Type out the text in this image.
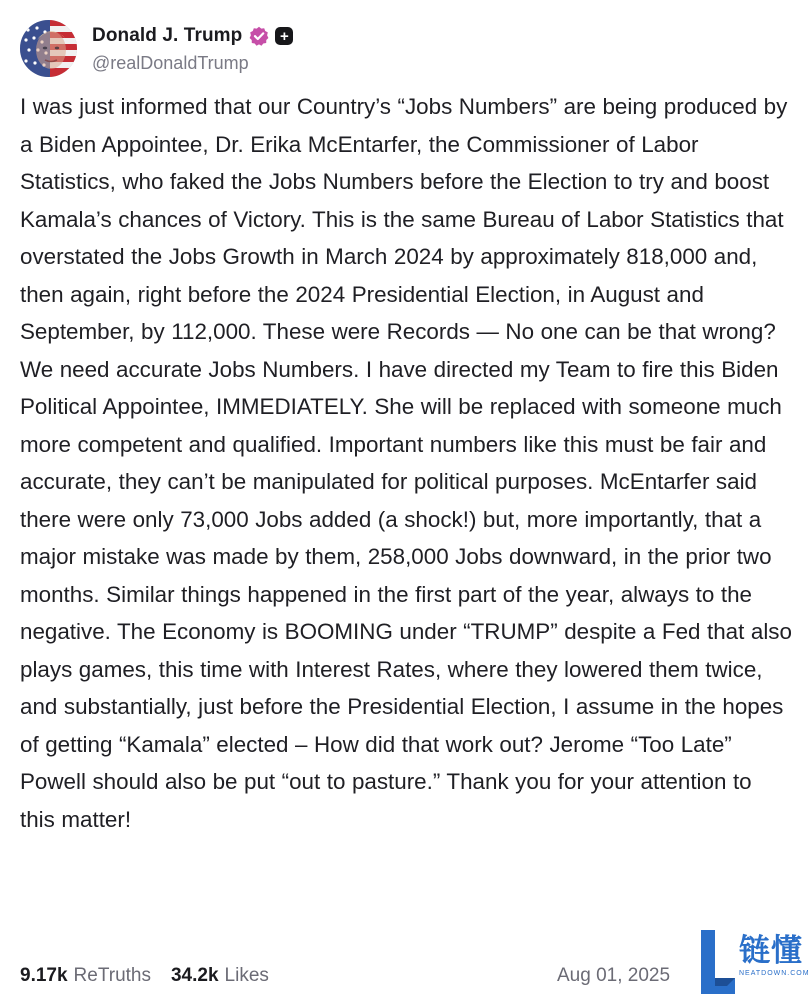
Donald J. Trump	+
@realDonaldTrump

I was just informed that our Country’s “Jobs Numbers” are being produced by a Biden Appointee, Dr. Erika McEntarfer, the Commissioner of Labor Statistics, who faked the Jobs Numbers before the Election to try and boost Kamala’s chances of Victory. This is the same Bureau of Labor Statistics that overstated the Jobs Growth in March 2024 by approximately 818,000 and, then again, right before the 2024 Presidential Election, in August and September, by 112,000. These were Records — No one can be that wrong? We need accurate Jobs Numbers. I have directed my Team to fire this Biden Political Appointee, IMMEDIATELY. She will be replaced with someone much more competent and qualified. Important numbers like this must be fair and accurate, they can’t be manipulated for political purposes. McEntarfer said there were only 73,000 Jobs added (a shock!) but, more importantly, that a major mistake was made by them, 258,000 Jobs downward, in the prior two months. Similar things happened in the first part of the year, always to the negative. The Economy is BOOMING under “TRUMP” despite a Fed that also plays games, this time with Interest Rates, where they lowered them twice, and substantially, just before the Presidential Election, I assume in the hopes of getting “Kamala” elected – How did that work out? Jerome “Too Late” Powell should also be put “out to pasture.” Thank you for your attention to this matter!

9.17k ReTruths 34.2k Likes	Aug 01, 2025
链懂
NEATDOWN.COM
